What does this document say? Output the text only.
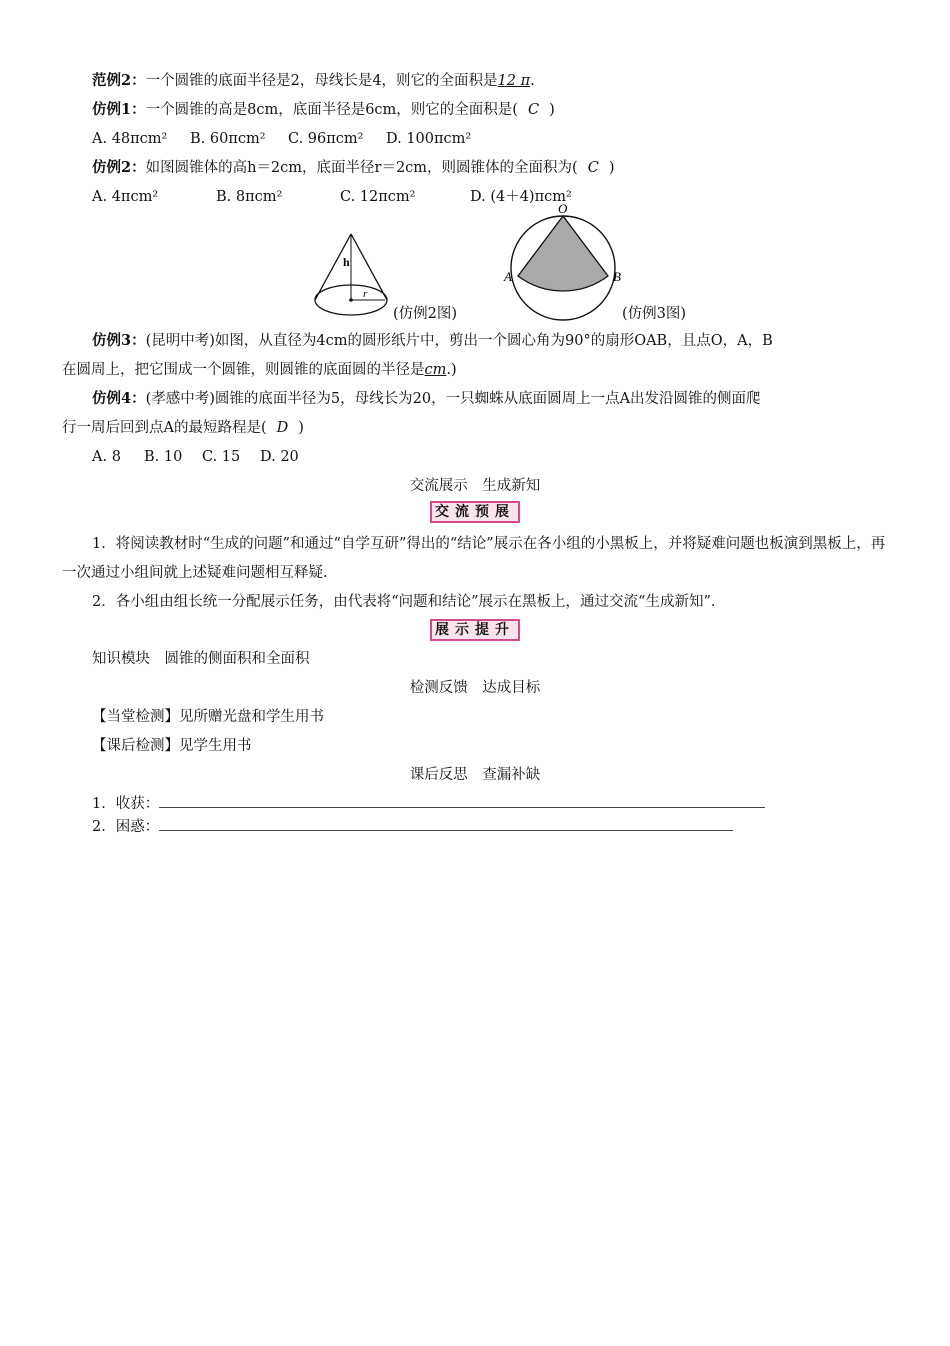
范例2：一个圆锥的底面半径是2，母线长是4，则它的全面积是12 π.
仿例1：一个圆锥的高是8cm，底面半径是6cm，则它的全面积是( C )
A. 48πcm² B. 60πcm² C. 96πcm² D. 100πcm²
仿例2：如图圆锥体的高h＝2cm，底面半径r＝2cm，则圆锥体的全面积为( C )
A. 4πcm²	B. 8πcm²	C. 12πcm²	D. (4＋4)πcm²
h
r
(仿例2图)
O
A	B
(仿例3图)
仿例3：(昆明中考)如图，从直径为4cm的圆形纸片中，剪出一个圆心角为90°的扇形OAB，且点O，A，B
在圆周上，把它围成一个圆锥，则圆锥的底面圆的半径是cm.)
仿例4：(孝感中考)圆锥的底面半径为5，母线长为20，一只蜘蛛从底面圆周上一点A出发沿圆锥的侧面爬
行一周后回到点A的最短路程是( D )
A. 8 B. 10 C. 15 D. 20
交流展示　生成新知
交流预展
1．将阅读教材时“生成的问题”和通过“自学互研”得出的“结论”展示在各小组的小黑板上，并将疑难问题也板演到黑板上，再一次通过小组间就上述疑难问题相互释疑.
2．各小组由组长统一分配展示任务，由代表将“问题和结论”展示在黑板上，通过交流“生成新知”.
展示提升
知识模块　圆锥的侧面积和全面积
检测反馈　达成目标
【当堂检测】见所赠光盘和学生用书
【课后检测】见学生用书
课后反思　查漏补缺
1．收获：
2．困惑：
